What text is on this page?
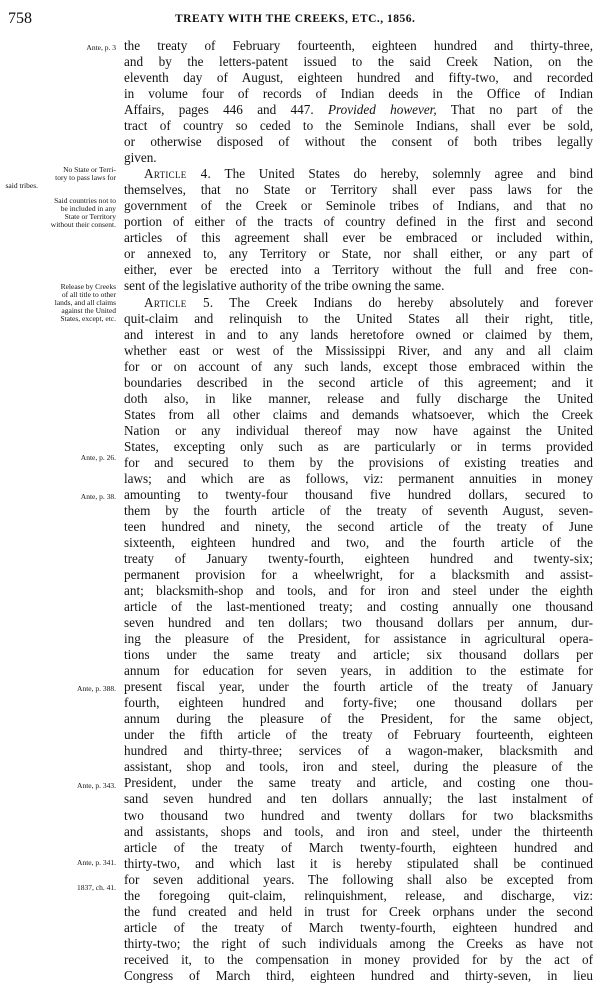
758	TREATY WITH THE CREEKS, ETC., 1856.
Ante, p. 3
No State or Terri-
tory to pass laws for
said tribes.
Said countries not to
be included in any
State or Territory
without their consent.
Release by Creeks
of all title to other
lands, and all claims
against the United
States, except, etc.
Ante, p. 26.
Ante, p. 38.
Ante, p. 388.
Ante, p. 343.
Ante, p. 341.
1837, ch. 41.
the treaty of February fourteenth, eighteen hundred and thirty-three,
and by the letters-patent issued to the said Creek Nation, on the
eleventh day of August, eighteen hundred and fifty-two, and recorded
in volume four of records of Indian deeds in the Office of Indian
Affairs, pages 446 and 447. Provided however, That no part of the
tract of country so ceded to the Seminole Indians, shall ever be sold,
or otherwise disposed of without the consent of both tribes legally
given.
Article 4. The United States do hereby, solemnly agree and bind
themselves, that no State or Territory shall ever pass laws for the
government of the Creek or Seminole tribes of Indians, and that no
portion of either of the tracts of country defined in the first and second
articles of this agreement shall ever be embraced or included within,
or annexed to, any Territory or State, nor shall either, or any part of
either, ever be erected into a Territory without the full and free con-
sent of the legislative authority of the tribe owning the same.
Article 5. The Creek Indians do hereby absolutely and forever
quit-claim and relinquish to the United States all their right, title,
and interest in and to any lands heretofore owned or claimed by them,
whether east or west of the Mississippi River, and any and all claim
for or on account of any such lands, except those embraced within the
boundaries described in the second article of this agreement; and it
doth also, in like manner, release and fully discharge the United
States from all other claims and demands whatsoever, which the Creek
Nation or any individual thereof may now have against the United
States, excepting only such as are particularly or in terms provided
for and secured to them by the provisions of existing treaties and
laws; and which are as follows, viz: permanent annuities in money
amounting to twenty-four thousand five hundred dollars, secured to
them by the fourth article of the treaty of seventh August, seven-
teen hundred and ninety, the second article of the treaty of June
sixteenth, eighteen hundred and two, and the fourth article of the
treaty of January twenty-fourth, eighteen hundred and twenty-six;
permanent provision for a wheelwright, for a blacksmith and assist-
ant; blacksmith-shop and tools, and for iron and steel under the eighth
article of the last-mentioned treaty; and costing annually one thousand
seven hundred and ten dollars; two thousand dollars per annum, dur-
ing the pleasure of the President, for assistance in agricultural opera-
tions under the same treaty and article; six thousand dollars per
annum for education for seven years, in addition to the estimate for
present fiscal year, under the fourth article of the treaty of January
fourth, eighteen hundred and forty-five; one thousand dollars per
annum during the pleasure of the President, for the same object,
under the fifth article of the treaty of February fourteenth, eighteen
hundred and thirty-three; services of a wagon-maker, blacksmith and
assistant, shop and tools, iron and steel, during the pleasure of the
President, under the same treaty and article, and costing one thou-
sand seven hundred and ten dollars annually; the last instalment of
two thousand two hundred and twenty dollars for two blacksmiths
and assistants, shops and tools, and iron and steel, under the thirteenth
article of the treaty of March twenty-fourth, eighteen hundred and
thirty-two, and which last it is hereby stipulated shall be continued
for seven additional years. The following shall also be excepted from
the foregoing quit-claim, relinquishment, release, and discharge, viz:
the fund created and held in trust for Creek orphans under the second
article of the treaty of March twenty-fourth, eighteen hundred and
thirty-two; the right of such individuals among the Creeks as have not
received it, to the compensation in money provided for by the act of
Congress of March third, eighteen hundred and thirty-seven, in lieu
